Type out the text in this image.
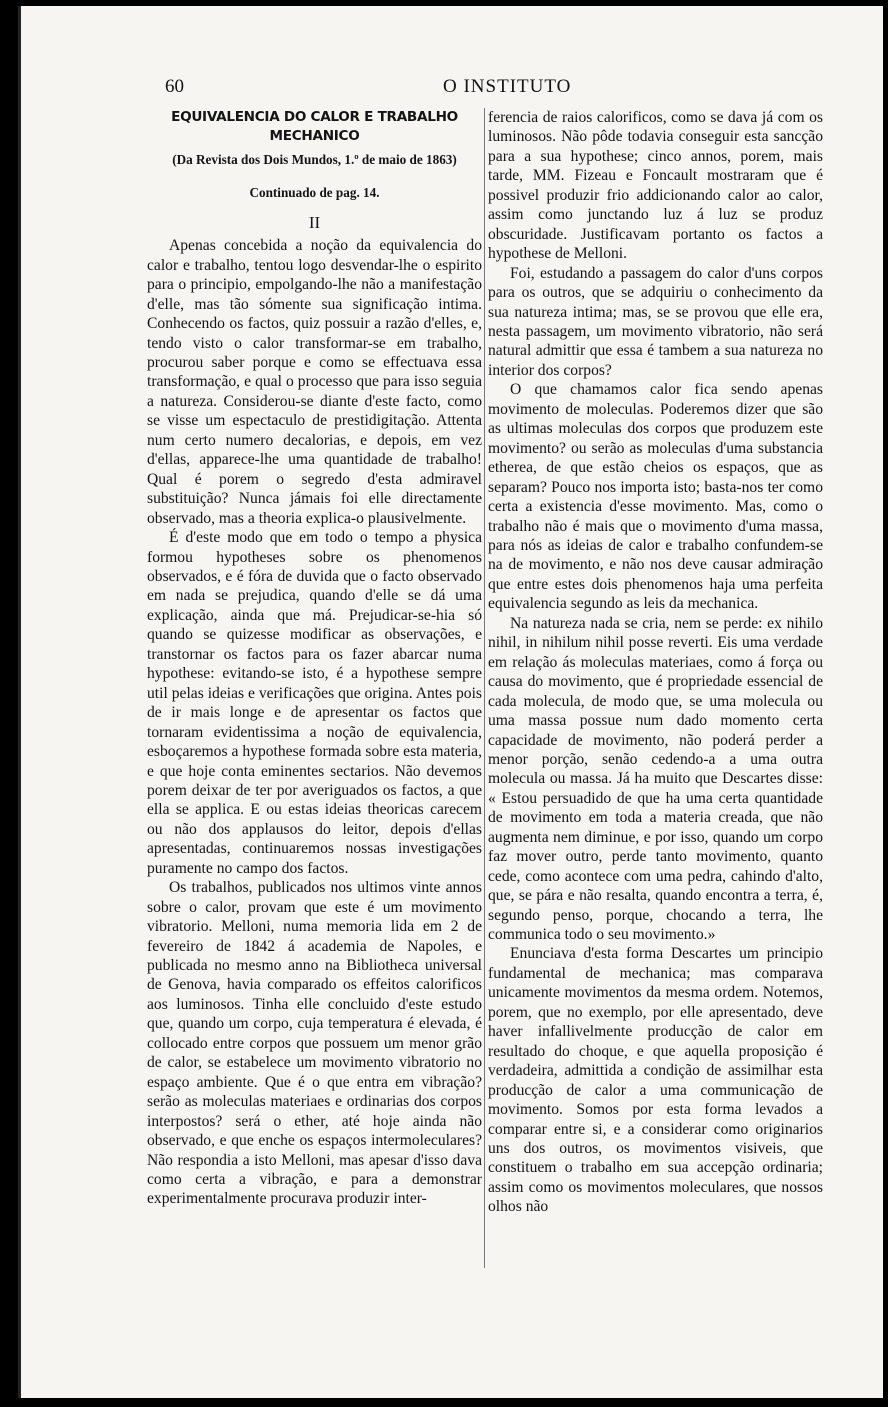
60	O INSTITUTO
EQUIVALENCIA DO CALOR E TRABALHO MECHANICO
(Da Revista dos Dois Mundos, 1.º de maio de 1863)
Continuado de pag. 14.
II

Apenas concebida a noção da equivalencia do calor e trabalho, tentou logo desvendar-lhe o espirito para o principio, empolgando-lhe não a manifestação d'elle, mas tão sómente sua significação intima. Conhecendo os factos, quiz possuir a razão d'elles, e, tendo visto o calor transformar-se em trabalho, procurou saber porque e como se effectuava essa transformação, e qual o processo que para isso seguia a natureza. Considerou-se diante d'este facto, como se visse um espectaculo de prestidigitação. Attenta num certo numero decalorias, e depois, em vez d'ellas, apparece-lhe uma quantidade de trabalho! Qual é porem o segredo d'esta admiravel substituição? Nunca jámais foi elle directamente observado, mas a theoria explica-o plausivelmente.

É d'este modo que em todo o tempo a physica formou hypotheses sobre os phenomenos observados, e é fóra de duvida que o facto observado em nada se prejudica, quando d'elle se dá uma explicação, ainda que má. Prejudicar-se-hia só quando se quizesse modificar as observações, e transtornar os factos para os fazer abarcar numa hypothese: evitando-se isto, é a hypothese sempre util pelas ideias e verificações que origina. Antes pois de ir mais longe e de apresentar os factos que tornaram evidentissima a noção de equivalencia, esboçaremos a hypothese formada sobre esta materia, e que hoje conta eminentes sectarios. Não devemos porem deixar de ter por averiguados os factos, a que ella se applica. E ou estas ideias theoricas carecem ou não dos applausos do leitor, depois d'ellas apresentadas, continuaremos nossas investigações puramente no campo dos factos.

Os trabalhos, publicados nos ultimos vinte annos sobre o calor, provam que este é um movimento vibratorio. Melloni, numa memoria lida em 2 de fevereiro de 1842 á academia de Napoles, e publicada no mesmo anno na Bibliotheca universal de Genova, havia comparado os effeitos calorificos aos luminosos. Tinha elle concluido d'este estudo que, quando um corpo, cuja temperatura é elevada, é collocado entre corpos que possuem um menor grão de calor, se estabelece um movimento vibratorio no espaço ambiente. Que é o que entra em vibração? serão as moleculas materiaes e ordinarias dos corpos interpostos? será o ether, até hoje ainda não observado, e que enche os espaços intermoleculares? Não respondia a isto Melloni, mas apesar d'isso dava como certa a vibração, e para a demonstrar experimentalmente procurava produzir inter-

ferencia de raios calorificos, como se dava já com os luminosos. Não pôde todavia conseguir esta sancção para a sua hypothese; cinco annos, porem, mais tarde, MM. Fizeau e Foncault mostraram que é possivel produzir frio addicionando calor ao calor, assim como junctando luz á luz se produz obscuridade. Justificavam portanto os factos a hypothese de Melloni.

Foi, estudando a passagem do calor d'uns corpos para os outros, que se adquiriu o conhecimento da sua natureza intima; mas, se se provou que elle era, nesta passagem, um movimento vibratorio, não será natural admittir que essa é tambem a sua natureza no interior dos corpos?

O que chamamos calor fica sendo apenas movimento de moleculas. Poderemos dizer que são as ultimas moleculas dos corpos que produzem este movimento? ou serão as moleculas d'uma substancia etherea, de que estão cheios os espaços, que as separam? Pouco nos importa isto; basta-nos ter como certa a existencia d'esse movimento. Mas, como o trabalho não é mais que o movimento d'uma massa, para nós as ideias de calor e trabalho confundem-se na de movimento, e não nos deve causar admiração que entre estes dois phenomenos haja uma perfeita equivalencia segundo as leis da mechanica.

Na natureza nada se cria, nem se perde: ex nihilo nihil, in nihilum nihil posse reverti. Eis uma verdade em relação ás moleculas materiaes, como á força ou causa do movimento, que é propriedade essencial de cada molecula, de modo que, se uma molecula ou uma massa possue num dado momento certa capacidade de movimento, não poderá perder a menor porção, senão cedendo-a a uma outra molecula ou massa. Já ha muito que Descartes disse: « Estou persuadido de que ha uma certa quantidade de movimento em toda a materia creada, que não augmenta nem diminue, e por isso, quando um corpo faz mover outro, perde tanto movimento, quanto cede, como acontece com uma pedra, cahindo d'alto, que, se pára e não resalta, quando encontra a terra, é, segundo penso, porque, chocando a terra, lhe communica todo o seu movimento.»

Enunciava d'esta forma Descartes um principio fundamental de mechanica; mas comparava unicamente movimentos da mesma ordem. Notemos, porem, que no exemplo, por elle apresentado, deve haver infallivelmente producção de calor em resultado do choque, e que aquella proposição é verdadeira, admittida a condição de assimilhar esta producção de calor a uma communicação de movimento. Somos por esta forma levados a comparar entre si, e a considerar como originarios uns dos outros, os movimentos visiveis, que constituem o trabalho em sua accepção ordinaria; assim como os movimentos moleculares, que nossos olhos não
